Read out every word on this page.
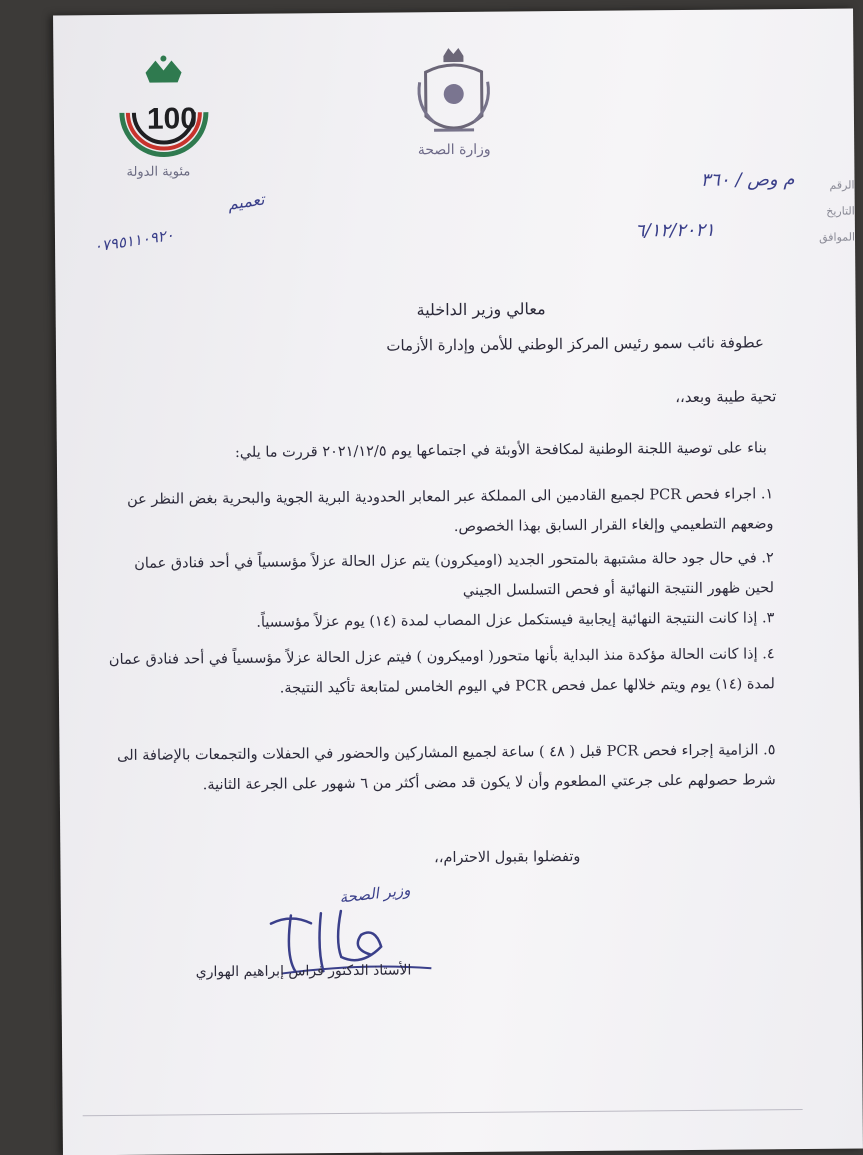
100
مئوية الدولة
وزارة الصحة
الرقم
م وص / ٣٦٠
التاريخ
الموافق
٦/١٢/٢٠٢١
تعميم
٠٧٩٥١١٠٩٢٠
معالي وزير الداخلية
عطوفة نائب سمو رئيس المركز الوطني للأمن وإدارة الأزمات
تحية طيبة وبعد،،
بناء على توصية اللجنة الوطنية لمكافحة الأوبئة في اجتماعها يوم ٢٠٢١/١٢/٥ قررت ما يلي:
١. اجراء فحص PCR لجميع القادمين الى المملكة عبر المعابر الحدودية البرية الجوية والبحرية بغض النظر عن وضعهم التطعيمي وإلغاء القرار السابق بهذا الخصوص.
٢. في حال جود حالة مشتبهة بالمتحور الجديد (اوميكرون) يتم عزل الحالة عزلاً مؤسسياً في أحد فنادق عمان لحين ظهور النتيجة النهائية أو فحص التسلسل الجيني
٣. إذا كانت النتيجة النهائية إيجابية فيستكمل عزل المصاب لمدة (١٤) يوم عزلاً مؤسسياً.
٤. إذا كانت الحالة مؤكدة منذ البداية بأنها متحور( اوميكرون ) فيتم عزل الحالة عزلاً مؤسسياً في أحد فنادق عمان لمدة (١٤) يوم ويتم خلالها عمل فحص PCR في اليوم الخامس لمتابعة تأكيد النتيجة.
٥. الزامية إجراء فحص PCR قبل ( ٤٨ ) ساعة لجميع المشاركين والحضور في الحفلات والتجمعات بالإضافة الى شرط حصولهم على جرعتي المطعوم وأن لا يكون قد مضى أكثر من ٦ شهور على الجرعة الثانية.
وتفضلوا بقبول الاحترام،،
وزير الصحة
الأستاذ الدكتور فراس إبراهيم الهواري
